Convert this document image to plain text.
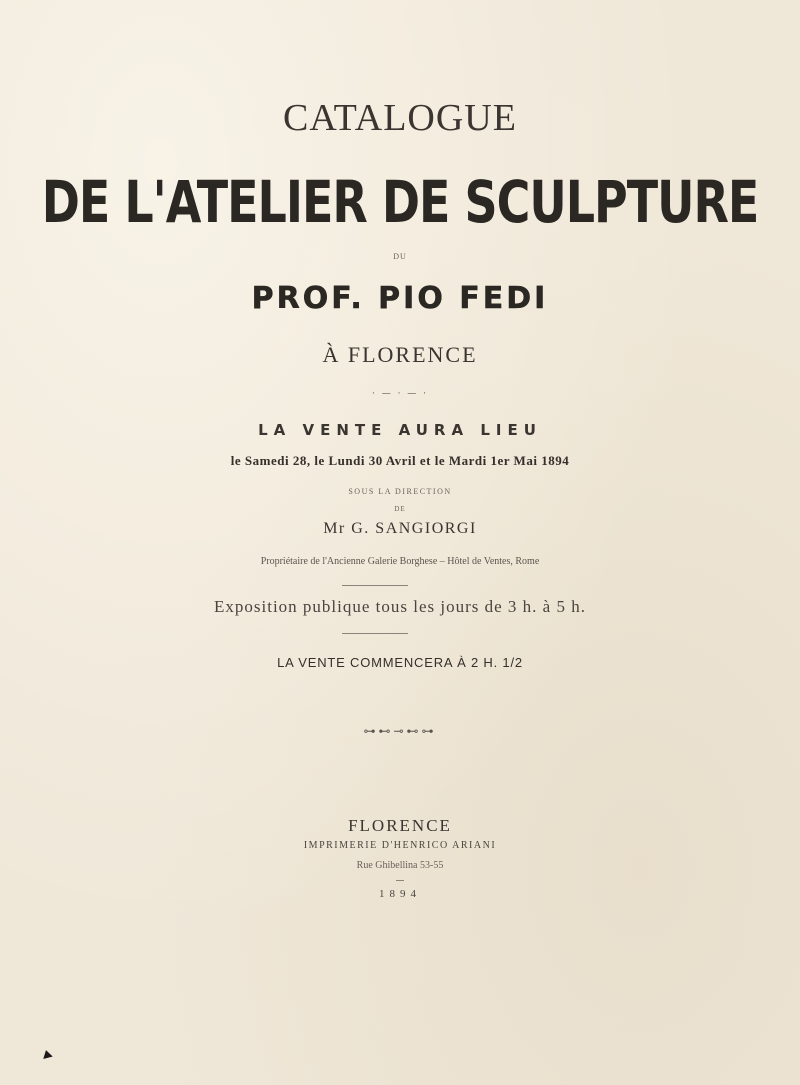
CATALOGUE
DE L'ATELIER DE SCULPTURE
DU
PROF. PIO FEDI
À FLORENCE
· — · — ·
LA VENTE AURA LIEU
le Samedi 28, le Lundi 30 Avril et le Mardi 1er Mai 1894
SOUS LA DIRECTION
DE
Mr G. SANGIORGI
Propriétaire de l'Ancienne Galerie Borghese – Hôtel de Ventes, Rome
Exposition publique tous les jours de 3 h. à 5 h.
LA VENTE COMMENCERA À 2 H. 1/2
⊶⊷⊸⊷⊶
FLORENCE
IMPRIMERIE D'HENRICO ARIANI
Rue Ghibellina 53-55
1894
